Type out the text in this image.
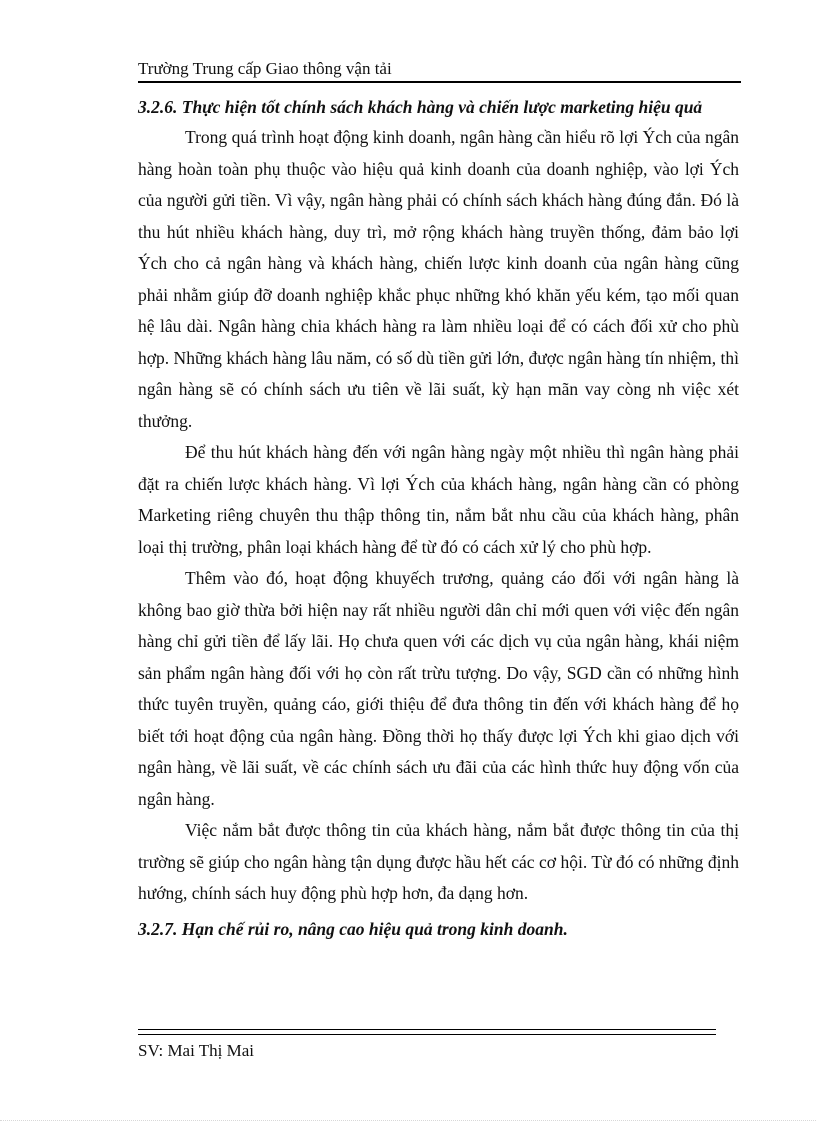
Trường Trung cấp Giao thông vận tải

3.2.6. Thực hiện tốt chính sách khách hàng và chiến lược marketing hiệu quả

Trong quá trình hoạt động kinh doanh, ngân hàng cần hiểu rõ lợi Ých của ngân hàng hoàn toàn phụ thuộc vào hiệu quả kinh doanh của doanh nghiệp, vào lợi Ých của người gửi tiền. Vì vậy, ngân hàng phải có chính sách khách hàng đúng đắn. Đó là thu hút nhiều khách hàng, duy trì, mở rộng khách hàng truyền thống, đảm bảo lợi Ých cho cả ngân hàng và khách hàng, chiến lược kinh doanh của ngân hàng cũng phải nhằm giúp đỡ doanh nghiệp khắc phục những khó khăn yếu kém, tạo mối quan hệ lâu dài. Ngân hàng chia khách hàng ra làm nhiều loại để có cách đối xử cho phù hợp. Những khách hàng lâu năm, có số dù tiền gửi lớn, được ngân hàng tín nhiệm, thì ngân hàng sẽ có chính sách ưu tiên về lãi suất, kỳ hạn mãn vay còng nh việc xét thưởng.

Để thu hút khách hàng đến với ngân hàng ngày một nhiều thì ngân hàng phải đặt ra chiến lược khách hàng. Vì lợi Ých của khách hàng, ngân hàng cần có phòng Marketing riêng chuyên thu thập thông tin, nắm bắt nhu cầu của khách hàng, phân loại thị trường, phân loại khách hàng để từ đó có cách xử lý cho phù hợp.

Thêm vào đó, hoạt động khuyếch trương, quảng cáo đối với ngân hàng là không bao giờ thừa bởi hiện nay rất nhiều người dân chỉ mới quen với việc đến ngân hàng chỉ gửi tiền để lấy lãi. Họ chưa quen với các dịch vụ của ngân hàng, khái niệm sản phẩm ngân hàng đối với họ còn rất trừu tượng. Do vậy, SGD cần có những hình thức tuyên truyền, quảng cáo, giới thiệu để đưa thông tin đến với khách hàng để họ biết tới hoạt động của ngân hàng. Đồng thời họ thấy được lợi Ých khi giao dịch với ngân hàng, về lãi suất, về các chính sách ưu đãi của các hình thức huy động vốn của ngân hàng.

Việc nắm bắt được thông tin của khách hàng, nắm bắt được thông tin của thị trường sẽ giúp cho ngân hàng tận dụng được hầu hết các cơ hội. Từ đó có những định hướng, chính sách huy động phù hợp hơn, đa dạng hơn.

3.2.7. Hạn chế rủi ro, nâng cao hiệu quả trong kinh doanh.

SV: Mai Thị Mai
